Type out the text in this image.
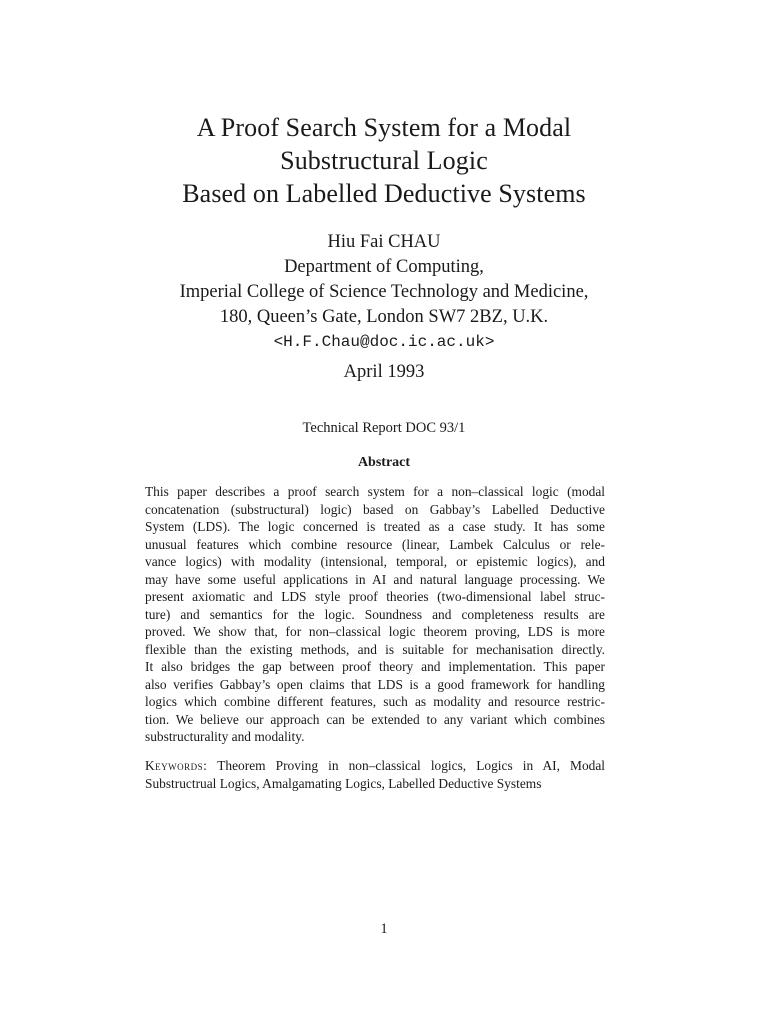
A Proof Search System for a Modal
Substructural Logic
Based on Labelled Deductive Systems
Hiu Fai CHAU
Department of Computing,
Imperial College of Science Technology and Medicine,
180, Queen’s Gate, London SW7 2BZ, U.K.
<H.F.Chau@doc.ic.ac.uk>
April 1993
Technical Report DOC 93/1
Abstract
This paper describes a proof search system for a non–classical logic (modal
concatenation (substructural) logic) based on Gabbay’s Labelled Deductive
System (LDS). The logic concerned is treated as a case study. It has some
unusual features which combine resource (linear, Lambek Calculus or rele-
vance logics) with modality (intensional, temporal, or epistemic logics), and
may have some useful applications in AI and natural language processing. We
present axiomatic and LDS style proof theories (two-dimensional label struc-
ture) and semantics for the logic. Soundness and completeness results are
proved. We show that, for non–classical logic theorem proving, LDS is more
flexible than the existing methods, and is suitable for mechanisation directly.
It also bridges the gap between proof theory and implementation. This paper
also verifies Gabbay’s open claims that LDS is a good framework for handling
logics which combine different features, such as modality and resource restric-
tion. We believe our approach can be extended to any variant which combines
substructurality and modality.
Keywords: Theorem Proving in non–classical logics, Logics in AI, Modal
Substructrual Logics, Amalgamating Logics, Labelled Deductive Systems
1
